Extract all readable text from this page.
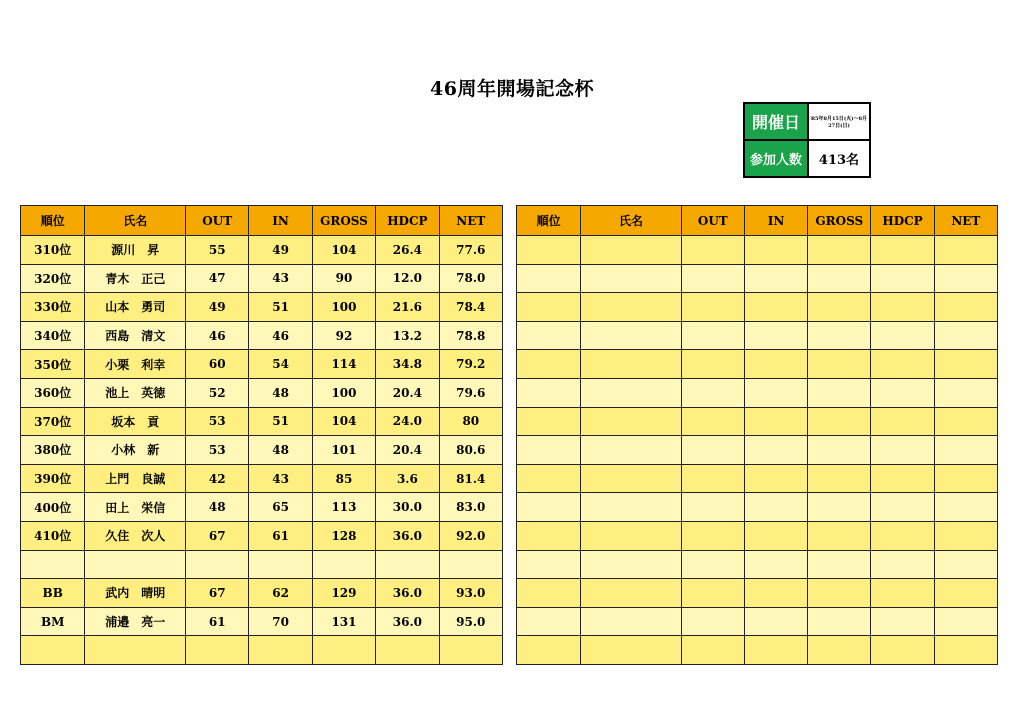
46周年開場記念杯
開催日	R5年8月15日(火)〜8月27日(日)
参加人数	413名
順位	氏名	OUT	IN	GROSS	HDCP	NET
310位	源川　昇	55	49	104	26.4	77.6
320位	青木　正己	47	43	90	12.0	78.0
330位	山本　勇司	49	51	100	21.6	78.4
340位	西島　清文	46	46	92	13.2	78.8
350位	小栗　利幸	60	54	114	34.8	79.2
360位	池上　英徳	52	48	100	20.4	79.6
370位	坂本　貢	53	51	104	24.0	80
380位	小林　新	53	48	101	20.4	80.6
390位	上門　良誠	42	43	85	3.6	81.4
400位	田上　栄信	48	65	113	30.0	83.0
410位	久住　次人	67	61	128	36.0	92.0

BB	武内　晴明	67	62	129	36.0	93.0
BM	浦邉　亮一	61	70	131	36.0	95.0

順位	氏名	OUT	IN	GROSS	HDCP	NET
